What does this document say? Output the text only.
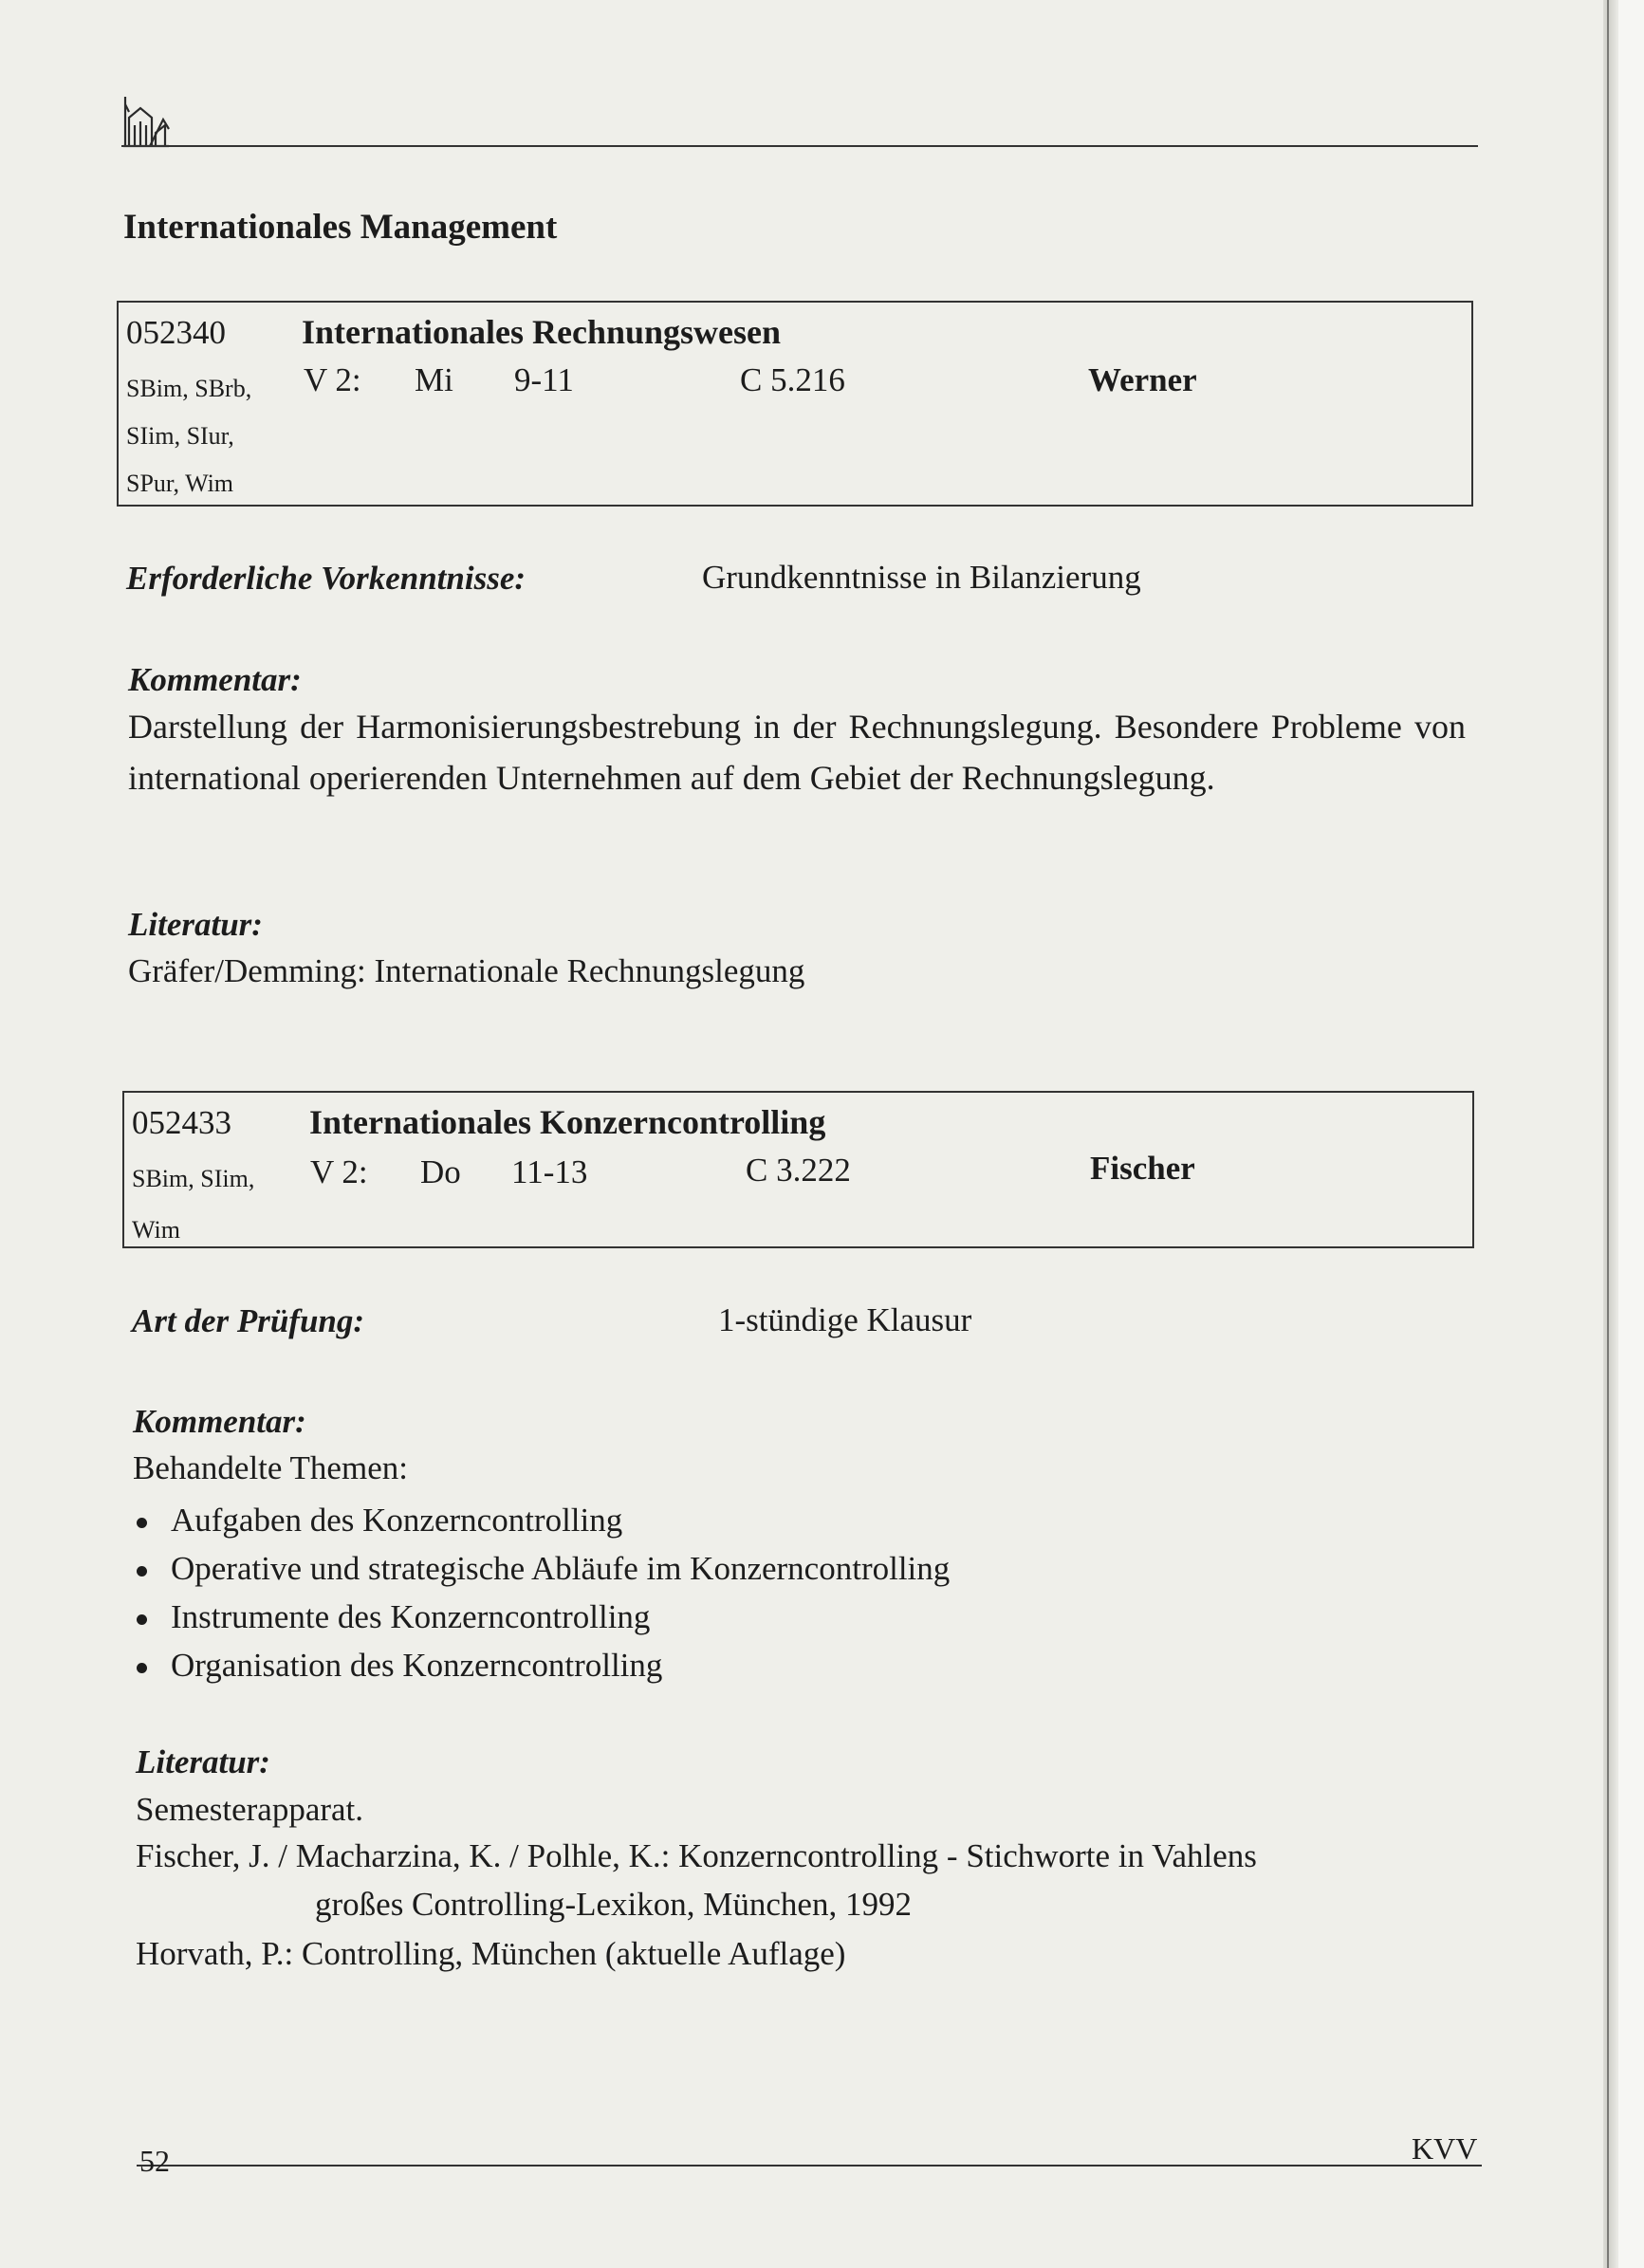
Internationales Management
052340 Internationales Rechnungswesen
SBim, SBrb,
SIim, SIur,
SPur, Wim
V 2: Mi 9-11	C 5.216	Werner
Erforderliche Vorkenntnisse:	Grundkenntnisse in Bilanzierung
Kommentar:
Darstellung der Harmonisierungsbestrebung in der Rechnungslegung. Besondere Probleme von international operierenden Unternehmen auf dem Gebiet der Rechnungslegung.
Literatur:
Gräfer/Demming: Internationale Rechnungslegung
052433 Internationales Konzerncontrolling
SBim, SIim,
Wim
V 2: Do 11-13	C 3.222	Fischer
Art der Prüfung:	1-stündige Klausur
Kommentar:
Behandelte Themen:
Aufgaben des Konzerncontrolling
Operative und strategische Abläufe im Konzerncontrolling
Instrumente des Konzerncontrolling
Organisation des Konzerncontrolling
Literatur:
Semesterapparat.
Fischer, J. / Macharzina, K. / Polhle, K.: Konzerncontrolling - Stichworte in Vahlens
großes Controlling-Lexikon, München, 1992
Horvath, P.: Controlling, München (aktuelle Auflage)
52	KVV
